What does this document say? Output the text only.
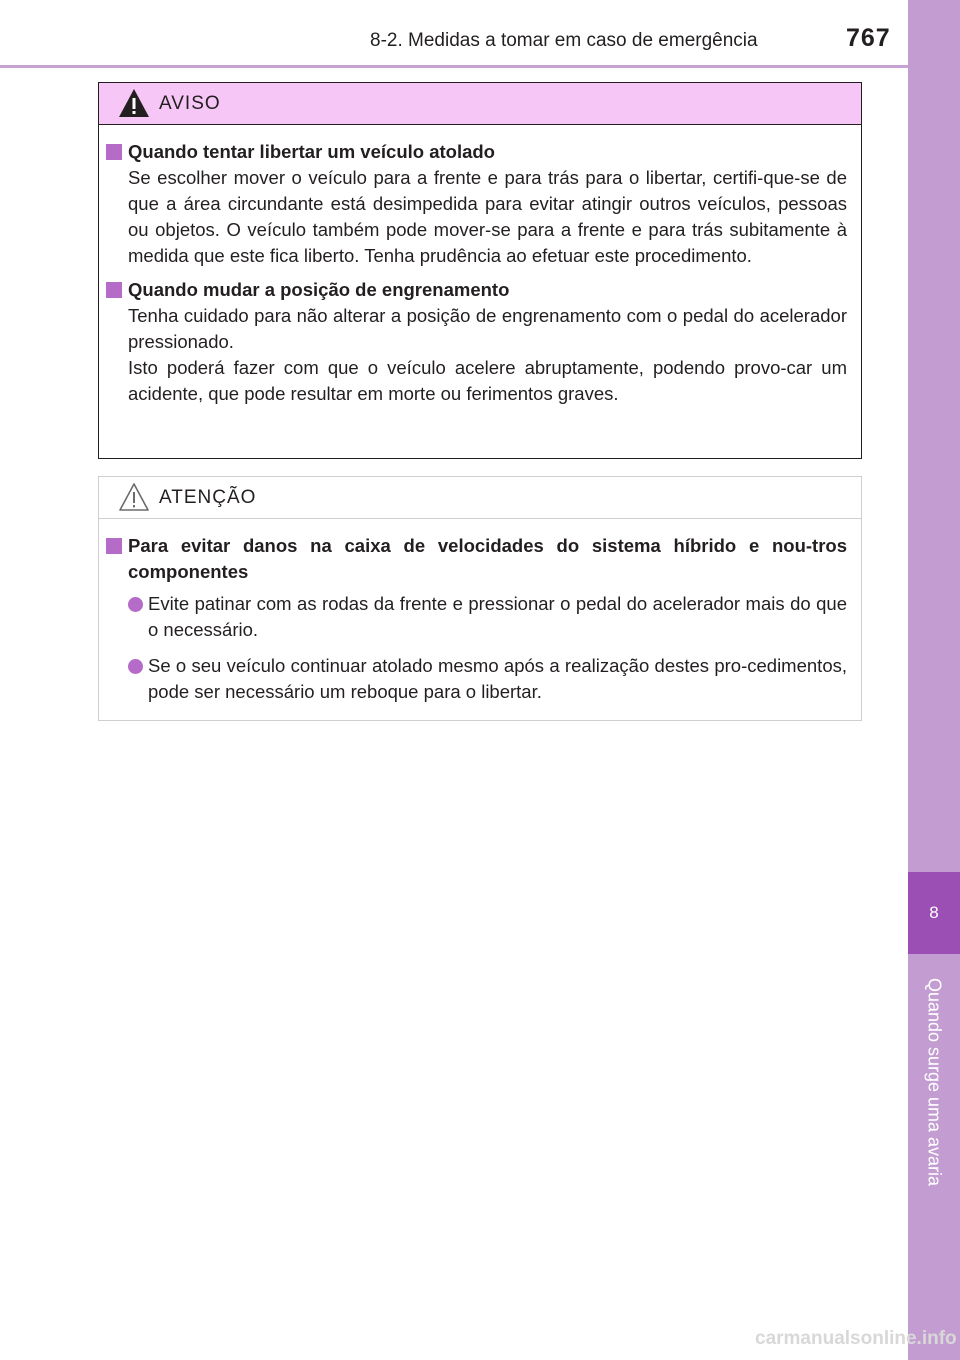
8-2. Medidas a tomar em caso de emergência	767
8
Quando surge uma avaria
AVISO
Quando tentar libertar um veículo atolado
Se escolher mover o veículo para a frente e para trás para o libertar, certifi-que-se de que a área circundante está desimpedida para evitar atingir outros veículos, pessoas ou objetos. O veículo também pode mover-se para a frente e para trás subitamente à medida que este fica liberto. Tenha prudência ao efetuar este procedimento.
Quando mudar a posição de engrenamento
Tenha cuidado para não alterar a posição de engrenamento com o pedal do acelerador pressionado.
Isto poderá fazer com que o veículo acelere abruptamente, podendo provo-car um acidente, que pode resultar em morte ou ferimentos graves.
ATENÇÃO
Para evitar danos na caixa de velocidades do sistema híbrido e nou-tros componentes
Evite patinar com as rodas da frente e pressionar o pedal do acelerador mais do que o necessário.
Se o seu veículo continuar atolado mesmo após a realização destes pro-cedimentos, pode ser necessário um reboque para o libertar.
carmanualsonline.info
